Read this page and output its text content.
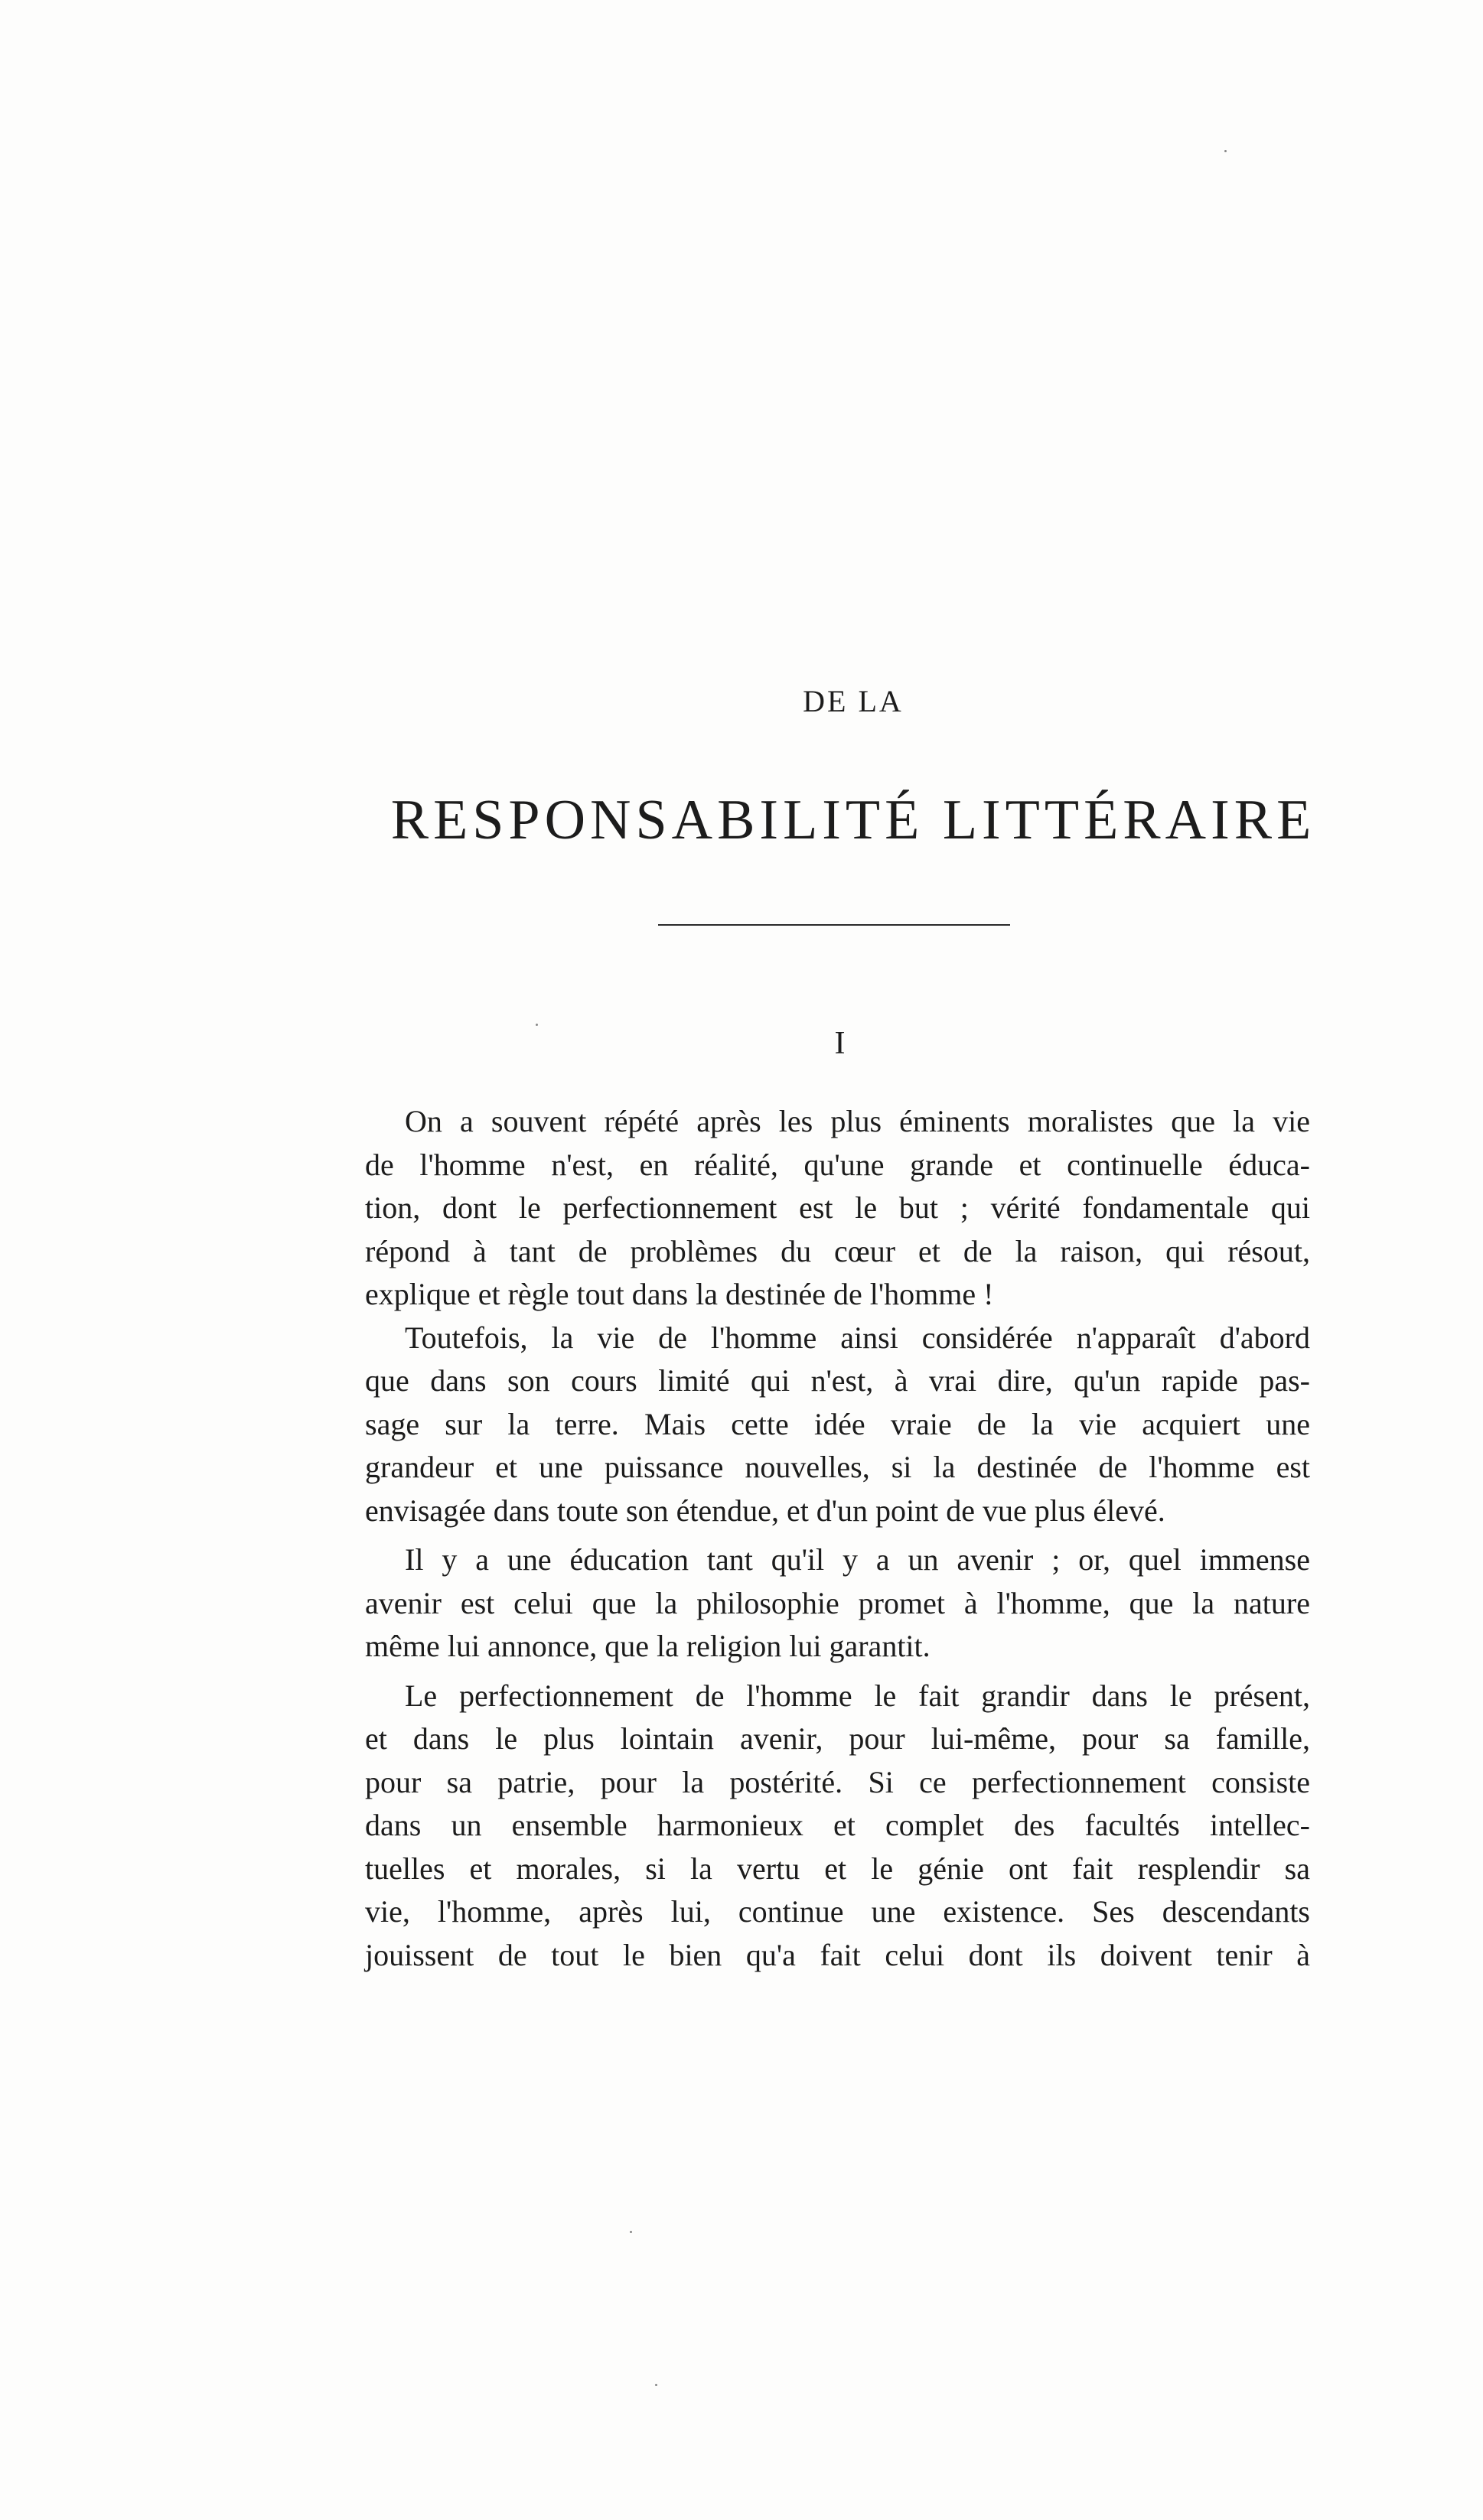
DE LA
RESPONSABILITÉ LITTÉRAIRE
I
On a souvent répété après les plus éminents moralistes que la vie
de l'homme n'est, en réalité, qu'une grande et continuelle éduca-
tion, dont le perfectionnement est le but ; vérité fondamentale qui
répond à tant de problèmes du cœur et de la raison, qui résout,
explique et règle tout dans la destinée de l'homme !
Toutefois, la vie de l'homme ainsi considérée n'apparaît d'abord
que dans son cours limité qui n'est, à vrai dire, qu'un rapide pas-
sage sur la terre. Mais cette idée vraie de la vie acquiert une
grandeur et une puissance nouvelles, si la destinée de l'homme est
envisagée dans toute son étendue, et d'un point de vue plus élevé.
Il y a une éducation tant qu'il y a un avenir ; or, quel immense
avenir est celui que la philosophie promet à l'homme, que la nature
même lui annonce, que la religion lui garantit.
Le perfectionnement de l'homme le fait grandir dans le présent,
et dans le plus lointain avenir, pour lui-même, pour sa famille,
pour sa patrie, pour la postérité. Si ce perfectionnement consiste
dans un ensemble harmonieux et complet des facultés intellec-
tuelles et morales, si la vertu et le génie ont fait resplendir sa
vie, l'homme, après lui, continue une existence. Ses descendants
jouissent de tout le bien qu'a fait celui dont ils doivent tenir à
